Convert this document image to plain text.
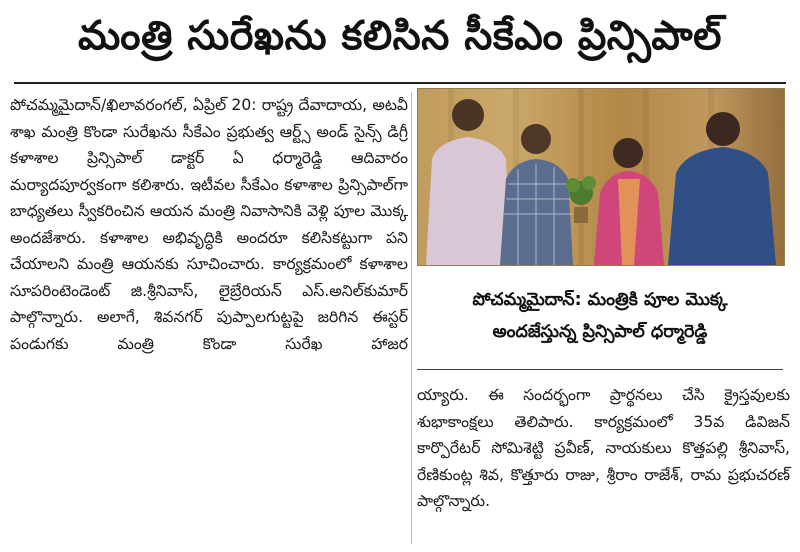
మంత్రి సురేఖను కలిసిన సీకేఎం ప్రిన్సిపాల్

పోచమ్మమైదాన్/ఖిలావరంగల్, ఏప్రిల్ 20: రాష్ట్ర దేవాదాయ, అటవీ శాఖ మంత్రి కొండా సురేఖను సీకేఎం ప్రభుత్వ ఆర్ట్స్ అండ్ సైన్స్ డిగ్రీ కళాశాల ప్రిన్సిపాల్ డాక్టర్ ఏ ధర్మారెడ్డి ఆదివారం మర్యాదపూర్వకంగా కలిశారు. ఇటీవల సీకేఎం కళాశాల ప్రిన్సిపాల్‌గా బాధ్యతలు స్వీకరించిన ఆయన మంత్రి నివాసానికి వెళ్లి పూల మొక్క అందజేశారు. కళాశాల అభివృద్ధికి అందరూ కలిసికట్టుగా పని చేయాలని మంత్రి ఆయనకు సూచించారు. కార్యక్రమంలో కళాశాల సూపరింటెండెంట్ జి.శ్రీనివాస్, లైబ్రేరియన్ ఎస్.అనిల్‌కుమార్ పాల్గొన్నారు. అలాగే, శివనగర్ పుప్పాలగుట్టపై జరిగిన ఈస్టర్ పండుగకు మంత్రి కొండా సురేఖ హాజర

పోచమ్మమైదాన్: మంత్రికి పూల మొక్క
అందజేస్తున్న ప్రిన్సిపాల్ ధర్మారెడ్డి

య్యారు. ఈ సందర్భంగా ప్రార్థనలు చేసి క్రైస్తవులకు శుభాకాంక్షలు తెలిపారు. కార్యక్రమంలో 35వ డివిజన్ కార్పొరేటర్ సోమిశెట్టి ప్రవీణ్, నాయకులు కొత్తపల్లి శ్రీనివాస్, రేణికుంట్ల శివ, కొత్తూరు రాజు, శ్రీరాం రాజేశ్, రామ ప్రభుచరణ్ పాల్గొన్నారు.
